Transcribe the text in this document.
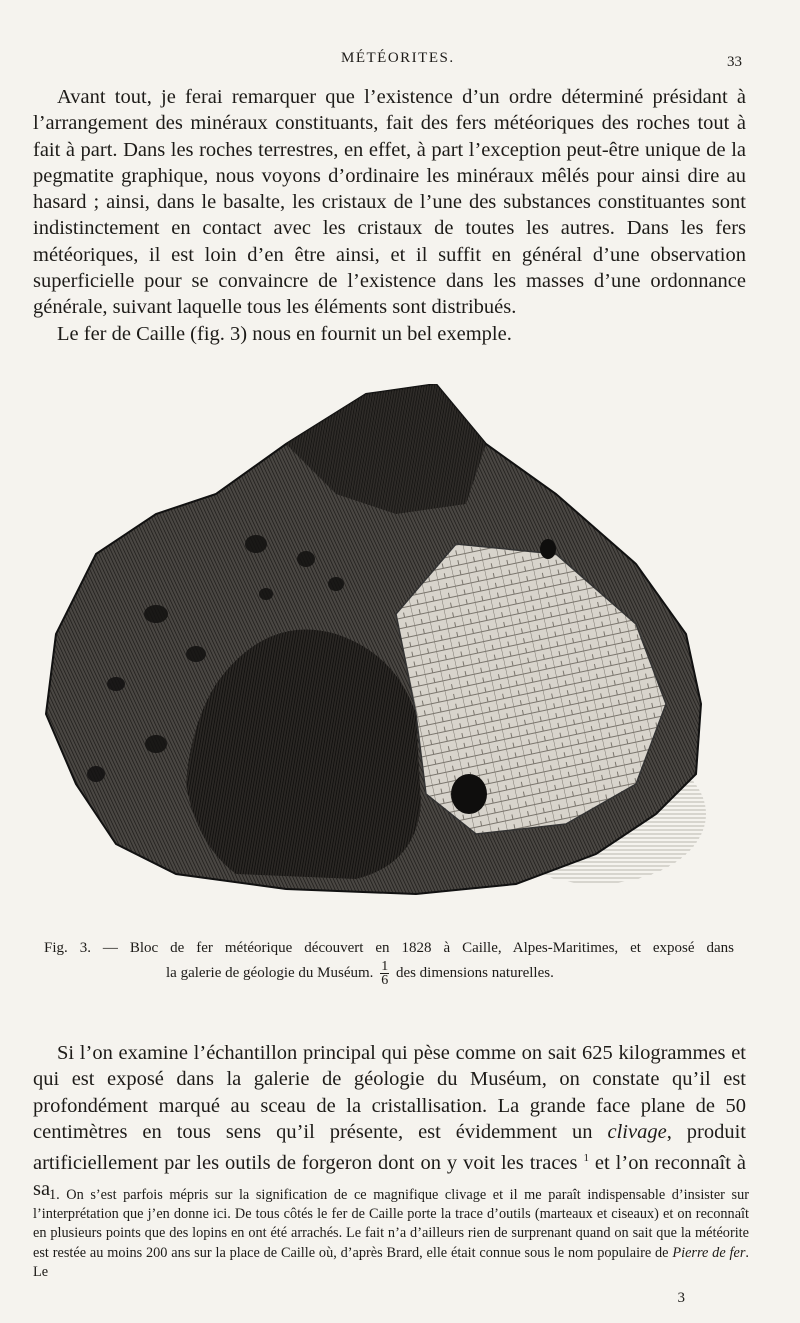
MÉTÉORITES.	33

Avant tout, je ferai remarquer que l’existence d’un ordre déterminé présidant à l’arrangement des minéraux constituants, fait des fers météoriques des roches tout à fait à part. Dans les roches terrestres, en effet, à part l’exception peut-être unique de la pegmatite graphique, nous voyons d’ordinaire les minéraux mêlés pour ainsi dire au hasard ; ainsi, dans le basalte, les cristaux de l’une des substances constituantes sont indistinctement en contact avec les cristaux de toutes les autres. Dans les fers météoriques, il est loin d’en être ainsi, et il suffit en général d’une observation superficielle pour se convaincre de l’existence dans les masses d’une ordonnance générale, suivant laquelle tous les éléments sont distribués.

Le fer de Caille (fig. 3) nous en fournit un bel exemple.

Fig. 3. — Bloc de fer météorique découvert en 1828 à Caille, Alpes-Maritimes, et exposé dans
la galerie de géologie du Muséum. $\frac{1}{6}$ des dimensions naturelles.

Si l’on examine l’échantillon principal qui pèse comme on sait 625 kilogrammes et qui est exposé dans la galerie de géologie du Muséum, on constate qu’il est profondément marqué au sceau de la cristallisation. La grande face plane de 50 centimètres en tous sens qu’il présente, est évidemment un clivage, produit artificiellement par les outils de forgeron dont on y voit les traces $^1$ et l’on reconnaît à sa

1. On s’est parfois mépris sur la signification de ce magnifique clivage et il me paraît indispensable d’insister sur l’interprétation que j’en donne ici. De tous côtés le fer de Caille porte la trace d’outils (marteaux et ciseaux) et on reconnaît en plusieurs points que des lopins en ont été arrachés. Le fait n’a d’ailleurs rien de surprenant quand on sait que la météorite est restée au moins 200 ans sur la place de Caille où, d’après Brard, elle était connue sous le nom populaire de Pierre de fer. Le

3
